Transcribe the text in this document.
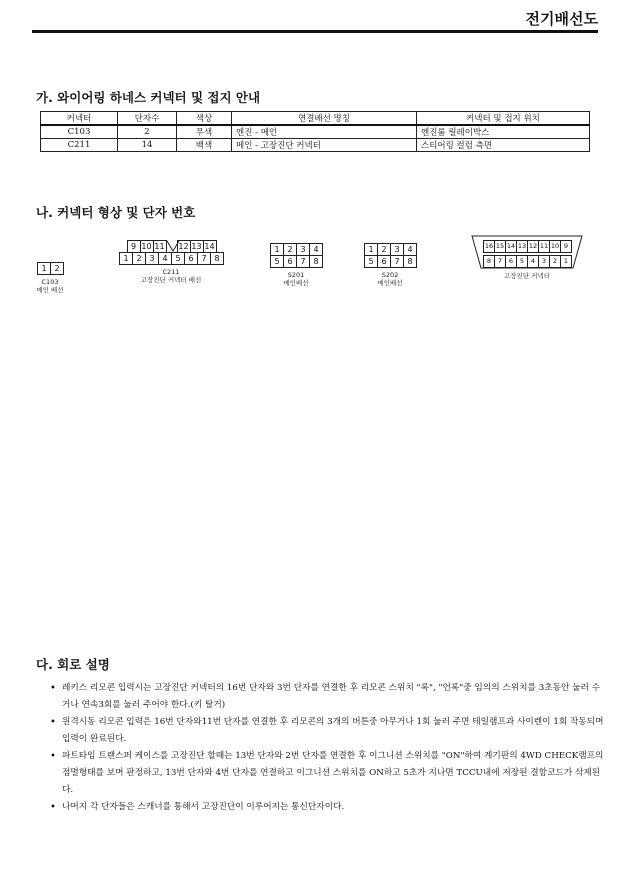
전기배선도
가. 와이어링 하네스 커넥터 및 접지 안내
커넥터	단자수	색상	연결배선 명칭	커넥터 및 접지 위치
C103	2	무색	엔진 - 메인	엔진룸 릴레이박스
C211	14	백색	메인 - 고장진단 커넥터	스티어링 컬럼 측면
나. 커넥터 형상 및 단자 번호
1 2
C103
메인 배선
9 10 11 12 13 14
1 2 3 4 5 6 7 8
C211
고장진단 커넥터 배선
1 2 3 4
5 6 7 8
S201
메인배선
1 2 3 4
5 6 7 8
S202
메인배선
16 15 14 13 12 11 10 9
8	7	6	5	4	3	2	1
고장진단 커넥터
다. 회로 설명
• 레키스 리모콘 입력시는 고장진단 커넥터의 16번 단자와 3번 단자를 연결한 후 리모콘 스위치 "록", "언록"중 임의의 스위치를 3초동안 눌러 수거나 연속3회를 눌러 주어야 한다.(키 탈거)
• 원격시동 리모콘 입력은 16번 단자와11번 단자를 연결한 후 리모콘의 3개의 버튼중 아무거나 1회 눌러 주면 테일램프과 사이렌이 1회 작동되며 입력이 완료된다.
• 파트타임 트랜스퍼 케이스를 고장진단 할때는 13번 단자와 2번 단자를 연결한 후 이그니션 스위치를 "ON"하여 계기판의 4WD CHECK램프의 점멸형태를 보며 판정하고, 13번 단자와 4번 단자를 연결하고 이그니션 스위치를 ON하고 5초가 지나면 TCCU내에 저장된 결함코드가 삭제된다.
• 나머지 각 단자들은 스캐너를 통해서 고장진단이 이루어지는 통신단자이다.
